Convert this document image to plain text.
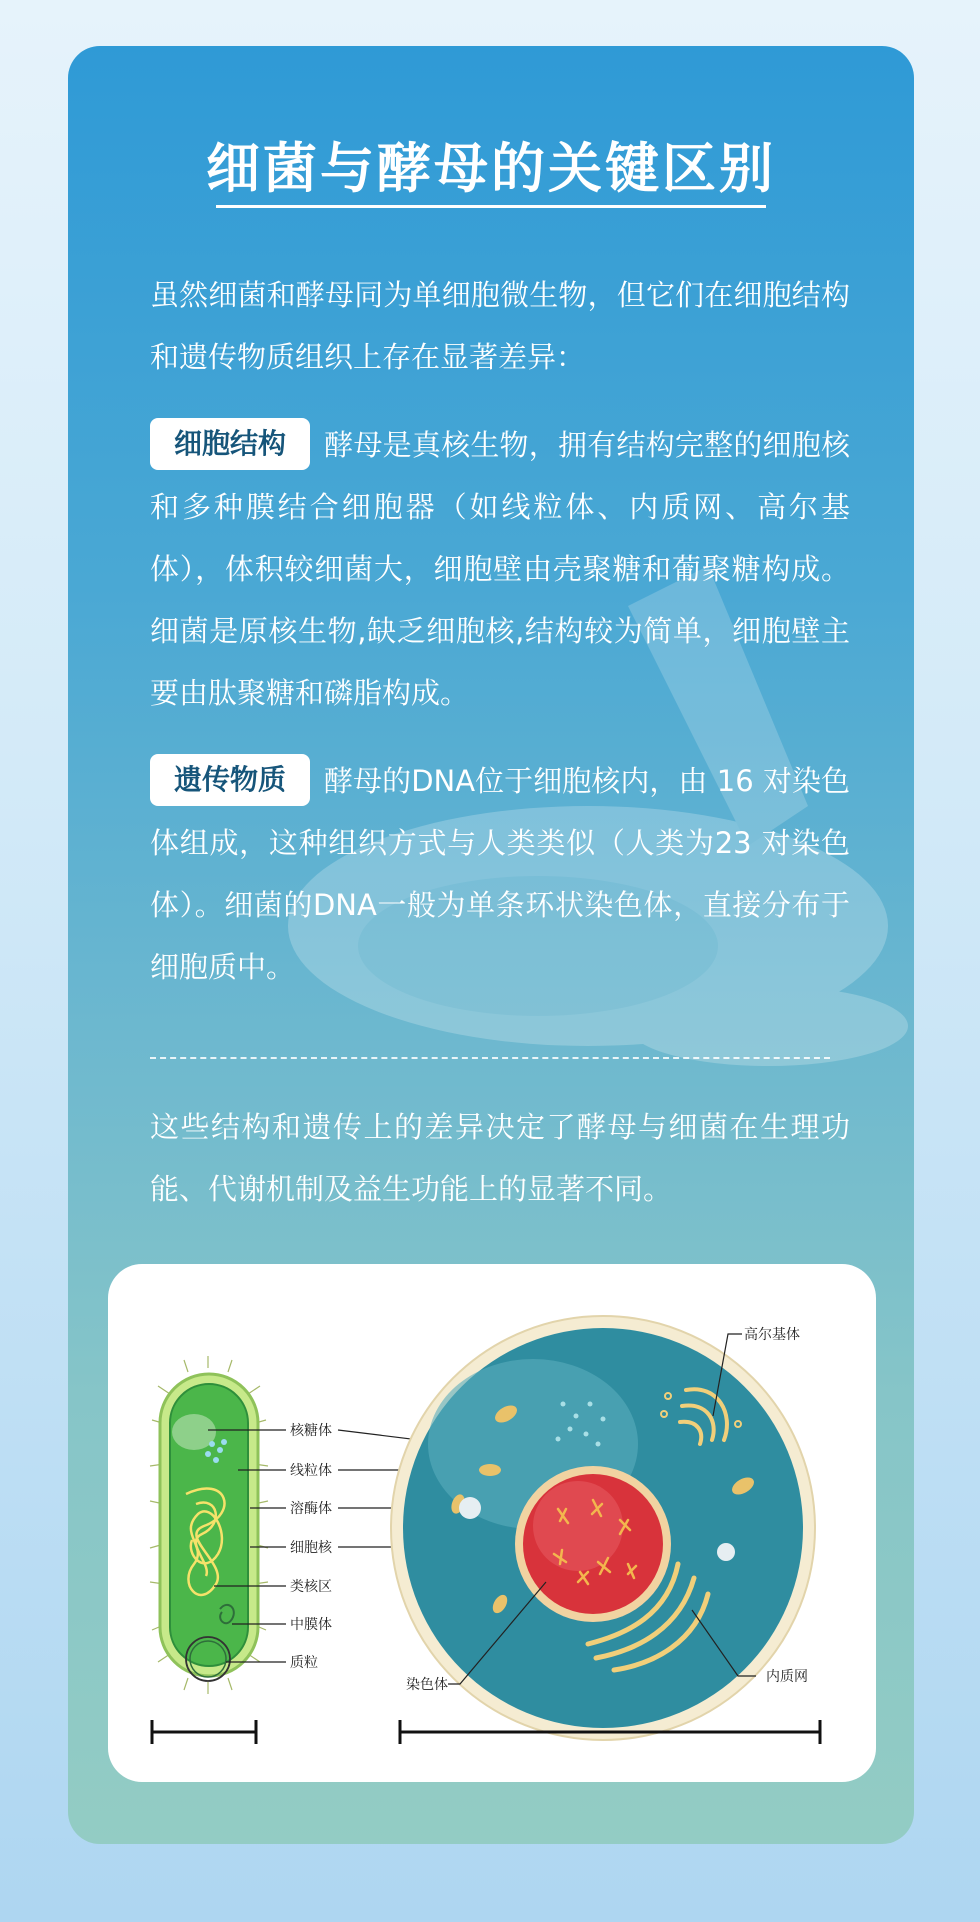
细菌与酵母的关键区别

虽然细菌和酵母同为单细胞微生物，但它们在细胞结构和遗传物质组织上存在显著差异：

细胞结构 酵母是真核生物，拥有结构完整的细胞核和多种膜结合细胞器（如线粒体、内质网、高尔基体），体积较细菌大，细胞壁由壳聚糖和葡聚糖构成。细菌是原核生物,缺乏细胞核,结构较为简单，细胞壁主要由肽聚糖和磷脂构成。

遗传物质 酵母的DNA位于细胞核内，由 16 对染色体组成，这种组织方式与人类类似（人类为23 对染色体）。细菌的DNA一般为单条环状染色体，直接分布于细胞质中。

这些结构和遗传上的差异决定了酵母与细菌在生理功能、代谢机制及益生功能上的显著不同。

核糖体
线粒体
溶酶体
细胞核
类核区
中膜体
质粒
高尔基体
内质网
染色体
